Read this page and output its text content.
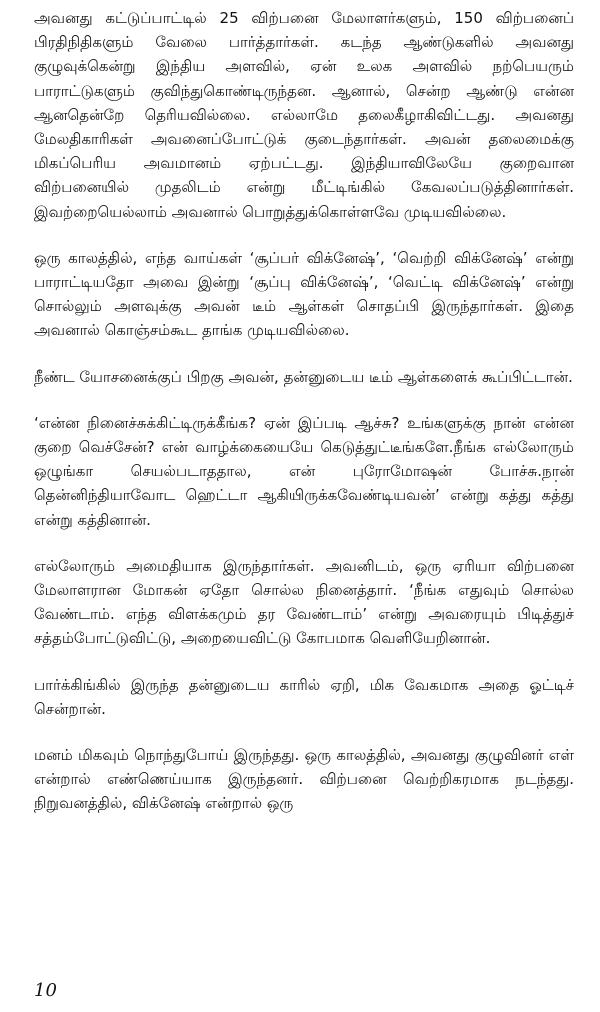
அவனது கட்டுப்பாட்டில் 25 விற்பனை மேலாளர்களும், 150 விற்பனைப் பிரதிநிதிகளும் வேலை பார்த்தார்கள். கடந்த ஆண்டுகளில் அவனது குழுவுக்கென்று இந்திய அளவில், ஏன் உலக அளவில் நற்பெயரும் பாராட்டுகளும் குவிந்துகொண்டிருந்தன. ஆனால், சென்ற ஆண்டு என்ன ஆனதென்றே தெரியவில்லை. எல்லாமே தலைகீழாகிவிட்டது. அவனது மேலதிகாரிகள் அவனைப்போட்டுக் குடைந்தார்கள். அவன் தலைமைக்கு மிகப்பெரிய அவமானம் ஏற்பட்டது. இந்தியாவிலேயே குறைவான விற்பனையில் முதலிடம் என்று மீட்டிங்கில் கேவலப்படுத்தினார்கள். இவற்றையெல்லாம் அவனால் பொறுத்துக்கொள்ளவே முடியவில்லை.

ஒரு காலத்தில், எந்த வாய்கள் ‘சூப்பர் விக்னேஷ்’, ‘வெற்றி விக்னேஷ்’ என்று பாராட்டியதோ அவை இன்று ‘சூப்பு விக்னேஷ்’, ‘வெட்டி விக்னேஷ்’ என்று சொல்லும் அளவுக்கு அவன் டீம் ஆள்கள் சொதப்பி இருந்தார்கள். இதை அவனால் கொஞ்சம்கூட தாங்க முடியவில்லை.

நீண்ட யோசனைக்குப் பிறகு அவன், தன்னுடைய டீம் ஆள்களைக் கூப்பிட்டான்.

‘என்ன நினைச்சுக்கிட்டிருக்கீங்க? ஏன் இப்படி ஆச்சு? உங்களுக்கு நான் என்ன குறை வெச்சேன்? என் வாழ்க்கையையே கெடுத்துட்டீங்களே.நீங்க எல்லோரும் ஒழுங்கா செயல்படாததால, என் புரோமோஷன் போச்சு.நான் தென்னிந்தியாவோட ஹெட்டா ஆகியிருக்கவேண்டியவன்’ என்று கத்து கத்து என்று கத்தினான்.

எல்லோரும் அமைதியாக இருந்தார்கள். அவனிடம், ஒரு ஏரியா விற்பனை மேலாளரான மோகன் ஏதோ சொல்ல நினைத்தார். ‘நீங்க எதுவும் சொல்ல வேண்டாம். எந்த விளக்கமும் தர வேண்டாம்’ என்று அவரையும் பிடித்துச் சத்தம்போட்டுவிட்டு, அறையைவிட்டு கோபமாக வெளியேறினான்.

பார்க்கிங்கில் இருந்த தன்னுடைய காரில் ஏறி, மிக வேகமாக அதை ஓட்டிச் சென்றான்.

மனம் மிகவும் நொந்துபோய் இருந்தது. ஒரு காலத்தில், அவனது குழுவினர் எள் என்றால் எண்ணெய்யாக இருந்தனர். விற்பனை வெற்றிகரமாக நடந்தது. நிறுவனத்தில், விக்னேஷ் என்றால் ஒரு

10
